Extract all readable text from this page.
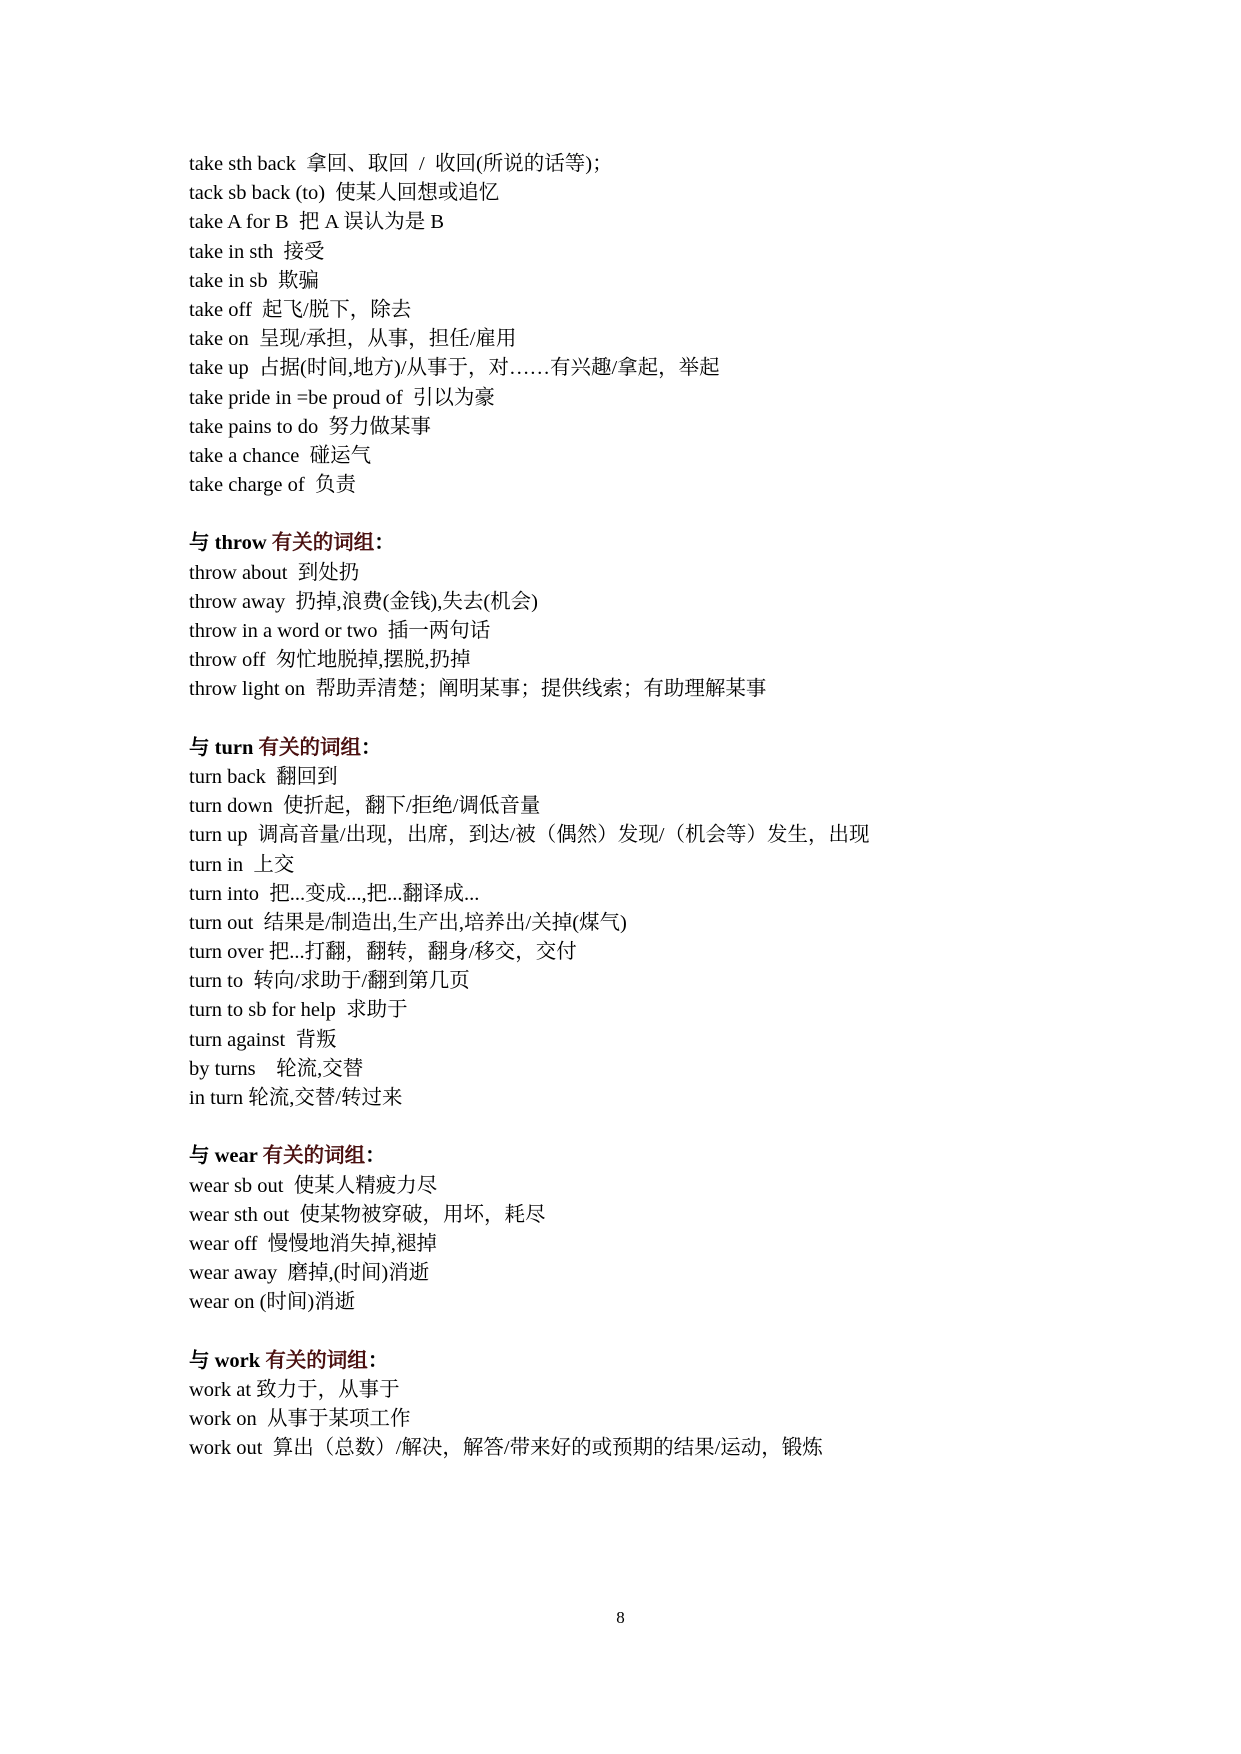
take sth back  拿回、取回  /  收回(所说的话等)；
tack sb back (to)  使某人回想或追忆
take A for B  把 A 误认为是 B
take in sth  接受
take in sb  欺骗
take off  起飞/脱下，除去
take on  呈现/承担，从事，担任/雇用
take up  占据(时间,地方)/从事于，对……有兴趣/拿起，举起
take pride in =be proud of  引以为豪
take pains to do  努力做某事
take a chance  碰运气
take charge of  负责
与 throw 有关的词组：
throw about  到处扔
throw away  扔掉,浪费(金钱),失去(机会)
throw in a word or two  插一两句话
throw off  匆忙地脱掉,摆脱,扔掉
throw light on  帮助弄清楚；阐明某事；提供线索；有助理解某事
与 turn 有关的词组：
turn back  翻回到
turn down  使折起，翻下/拒绝/调低音量
turn up  调高音量/出现，出席，到达/被（偶然）发现/（机会等）发生，出现
turn in  上交
turn into  把...变成...,把...翻译成...
turn out  结果是/制造出,生产出,培养出/关掉(煤气)
turn over 把...打翻，翻转，翻身/移交，交付
turn to  转向/求助于/翻到第几页
turn to sb for help  求助于
turn against  背叛
by turns    轮流,交替
in turn 轮流,交替/转过来
与 wear 有关的词组：
wear sb out  使某人精疲力尽
wear sth out  使某物被穿破，用坏，耗尽
wear off  慢慢地消失掉,褪掉
wear away  磨掉,(时间)消逝
wear on (时间)消逝
与 work 有关的词组：
work at 致力于，从事于
work on  从事于某项工作
work out  算出（总数）/解决，解答/带来好的或预期的结果/运动，锻炼
8
